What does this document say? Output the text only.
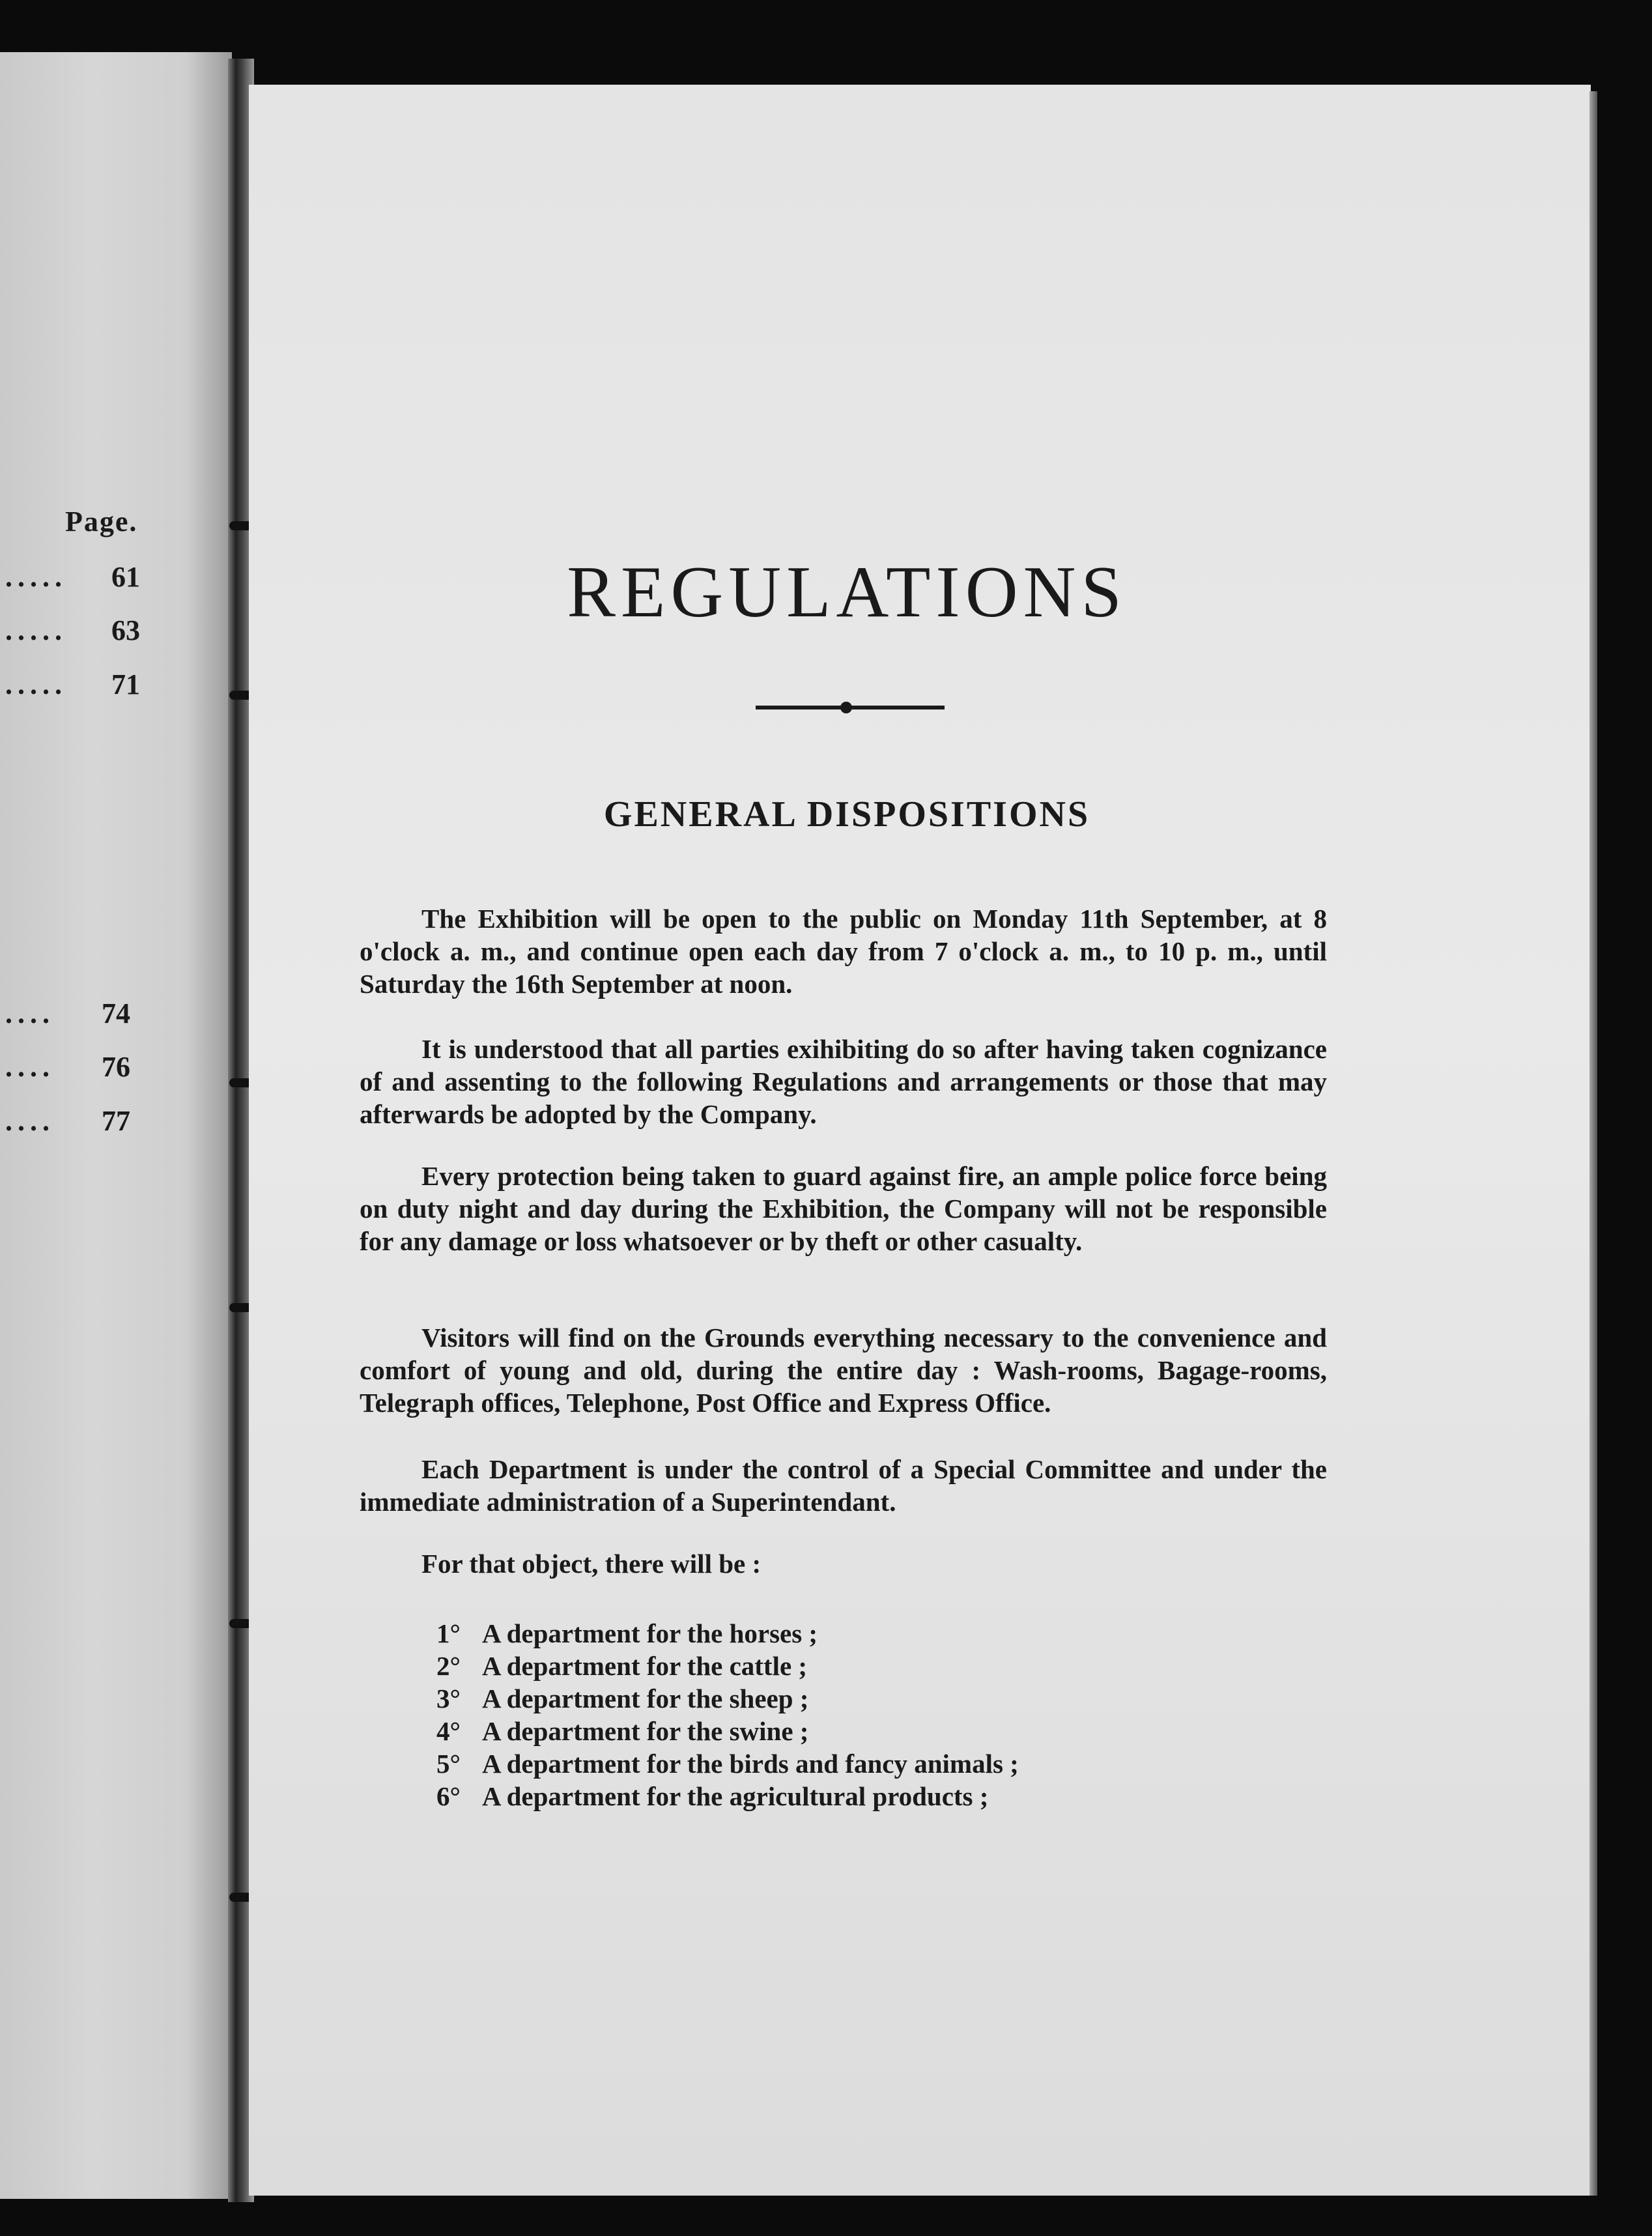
Page.
..... 61
..... 63
..... 71
.... 74
.... 76
.... 77
REGULATIONS
GENERAL DISPOSITIONS
The Exhibition will be open to the public on Monday 11th September, at 8 o'clock a. m., and continue open each day from 7 o'clock a. m., to 10 p. m., until Saturday the 16th September at noon.
It is understood that all parties exihibiting do so after having taken cognizance of and assenting to the following Regulations and arrangements or those that may afterwards be adopted by the Company.
Every protection being taken to guard against fire, an ample police force being on duty night and day during the Exhibition, the Company will not be responsible for any damage or loss whatsoever or by theft or other casualty.
Visitors will find on the Grounds everything necessary to the convenience and comfort of young and old, during the entire day : Wash-rooms, Bagage-rooms, Telegraph offices, Telephone, Post Office and Express Office.
Each Department is under the control of a Special Committee and under the immediate administration of a Superintendant.
For that object, there will be :
1° A department for the horses ;
2° A department for the cattle ;
3° A department for the sheep ;
4° A department for the swine ;
5° A department for the birds and fancy animals ;
6° A department for the agricultural products ;
